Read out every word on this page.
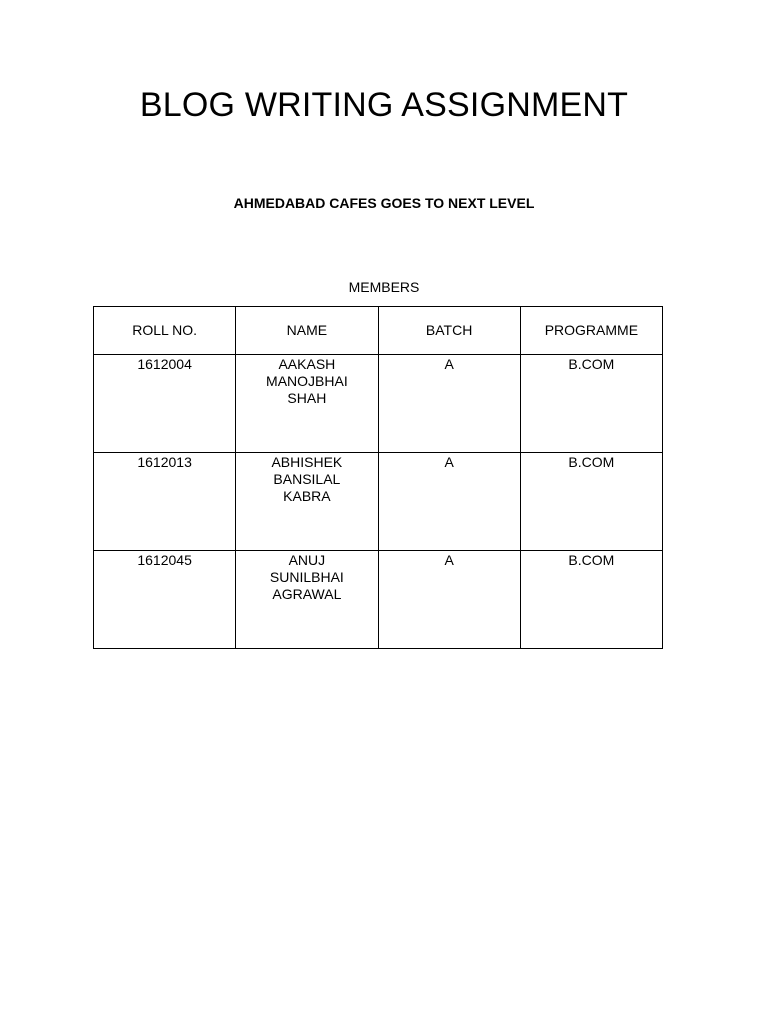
BLOG WRITING ASSIGNMENT

AHMEDABAD CAFES GOES TO NEXT LEVEL

MEMBERS

ROLL NO.	NAME	BATCH	PROGRAMME
1612004	AAKASH
MANOJBHAI
SHAH	A	B.COM
1612013	ABHISHEK
BANSILAL
KABRA	A	B.COM
1612045	ANUJ
SUNILBHAI
AGRAWAL	A	B.COM
